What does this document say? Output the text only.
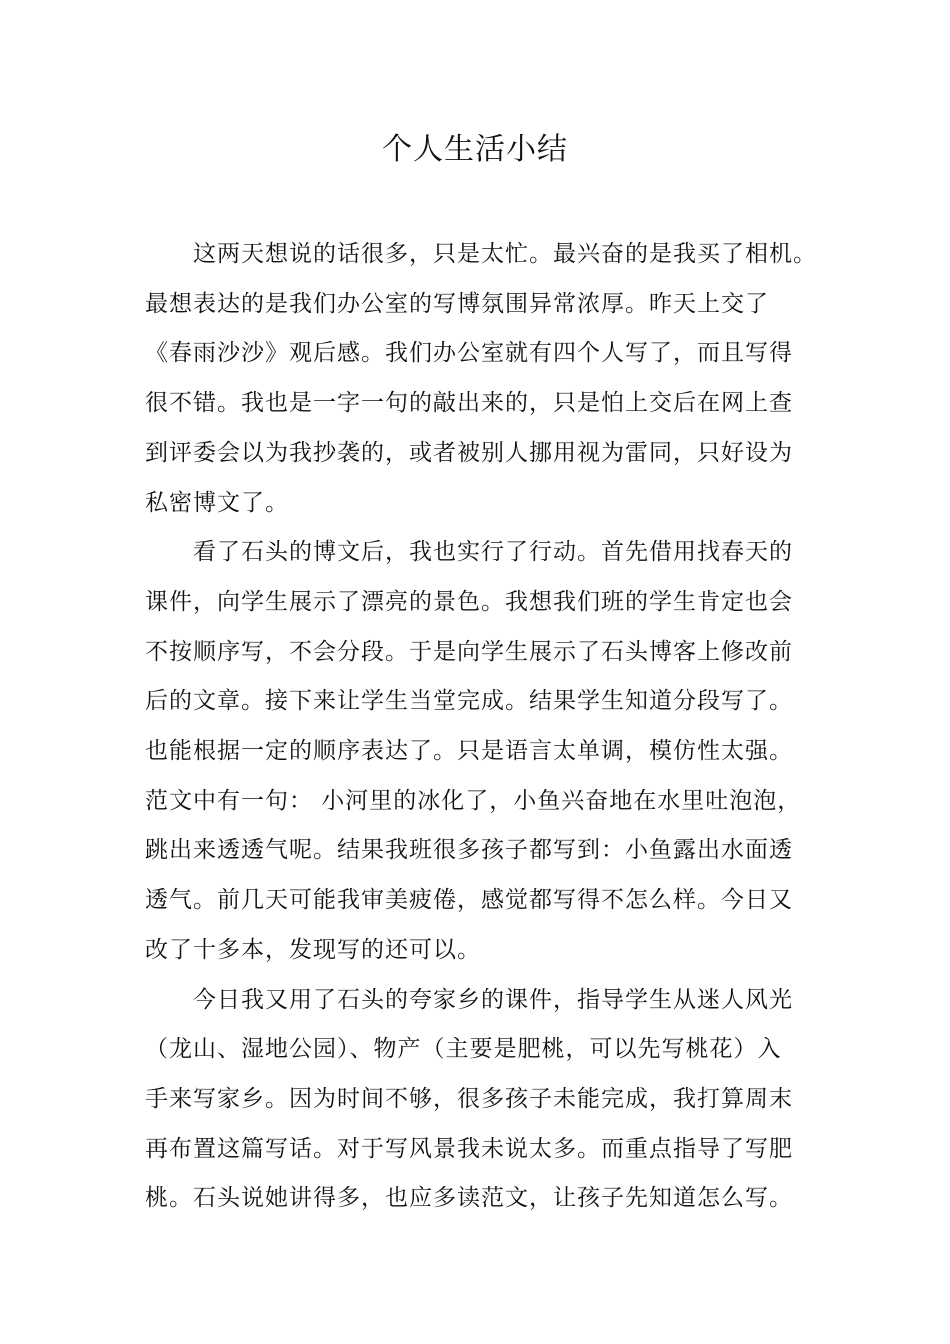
个人生活小结

这两天想说的话很多，只是太忙。最兴奋的是我买了相机。
最想表达的是我们办公室的写博氛围异常浓厚。昨天上交了
《春雨沙沙》观后感。我们办公室就有四个人写了，而且写得
很不错。我也是一字一句的敲出来的，只是怕上交后在网上查
到评委会以为我抄袭的，或者被别人挪用视为雷同，只好设为
私密博文了。

看了石头的博文后，我也实行了行动。首先借用找春天的
课件，向学生展示了漂亮的景色。我想我们班的学生肯定也会
不按顺序写，不会分段。于是向学生展示了石头博客上修改前
后的文章。接下来让学生当堂完成。结果学生知道分段写了。
也能根据一定的顺序表达了。只是语言太单调，模仿性太强。
范文中有一句： 小河里的冰化了，小鱼兴奋地在水里吐泡泡，
跳出来透透气呢。结果我班很多孩子都写到：小鱼露出水面透
透气。前几天可能我审美疲倦，感觉都写得不怎么样。今日又
改了十多本，发现写的还可以。

今日我又用了石头的夸家乡的课件，指导学生从迷人风光
（龙山、湿地公园）、物产（主要是肥桃，可以先写桃花）入
手来写家乡。因为时间不够，很多孩子未能完成，我打算周末
再布置这篇写话。对于写风景我未说太多。而重点指导了写肥
桃。石头说她讲得多，也应多读范文，让孩子先知道怎么写。
